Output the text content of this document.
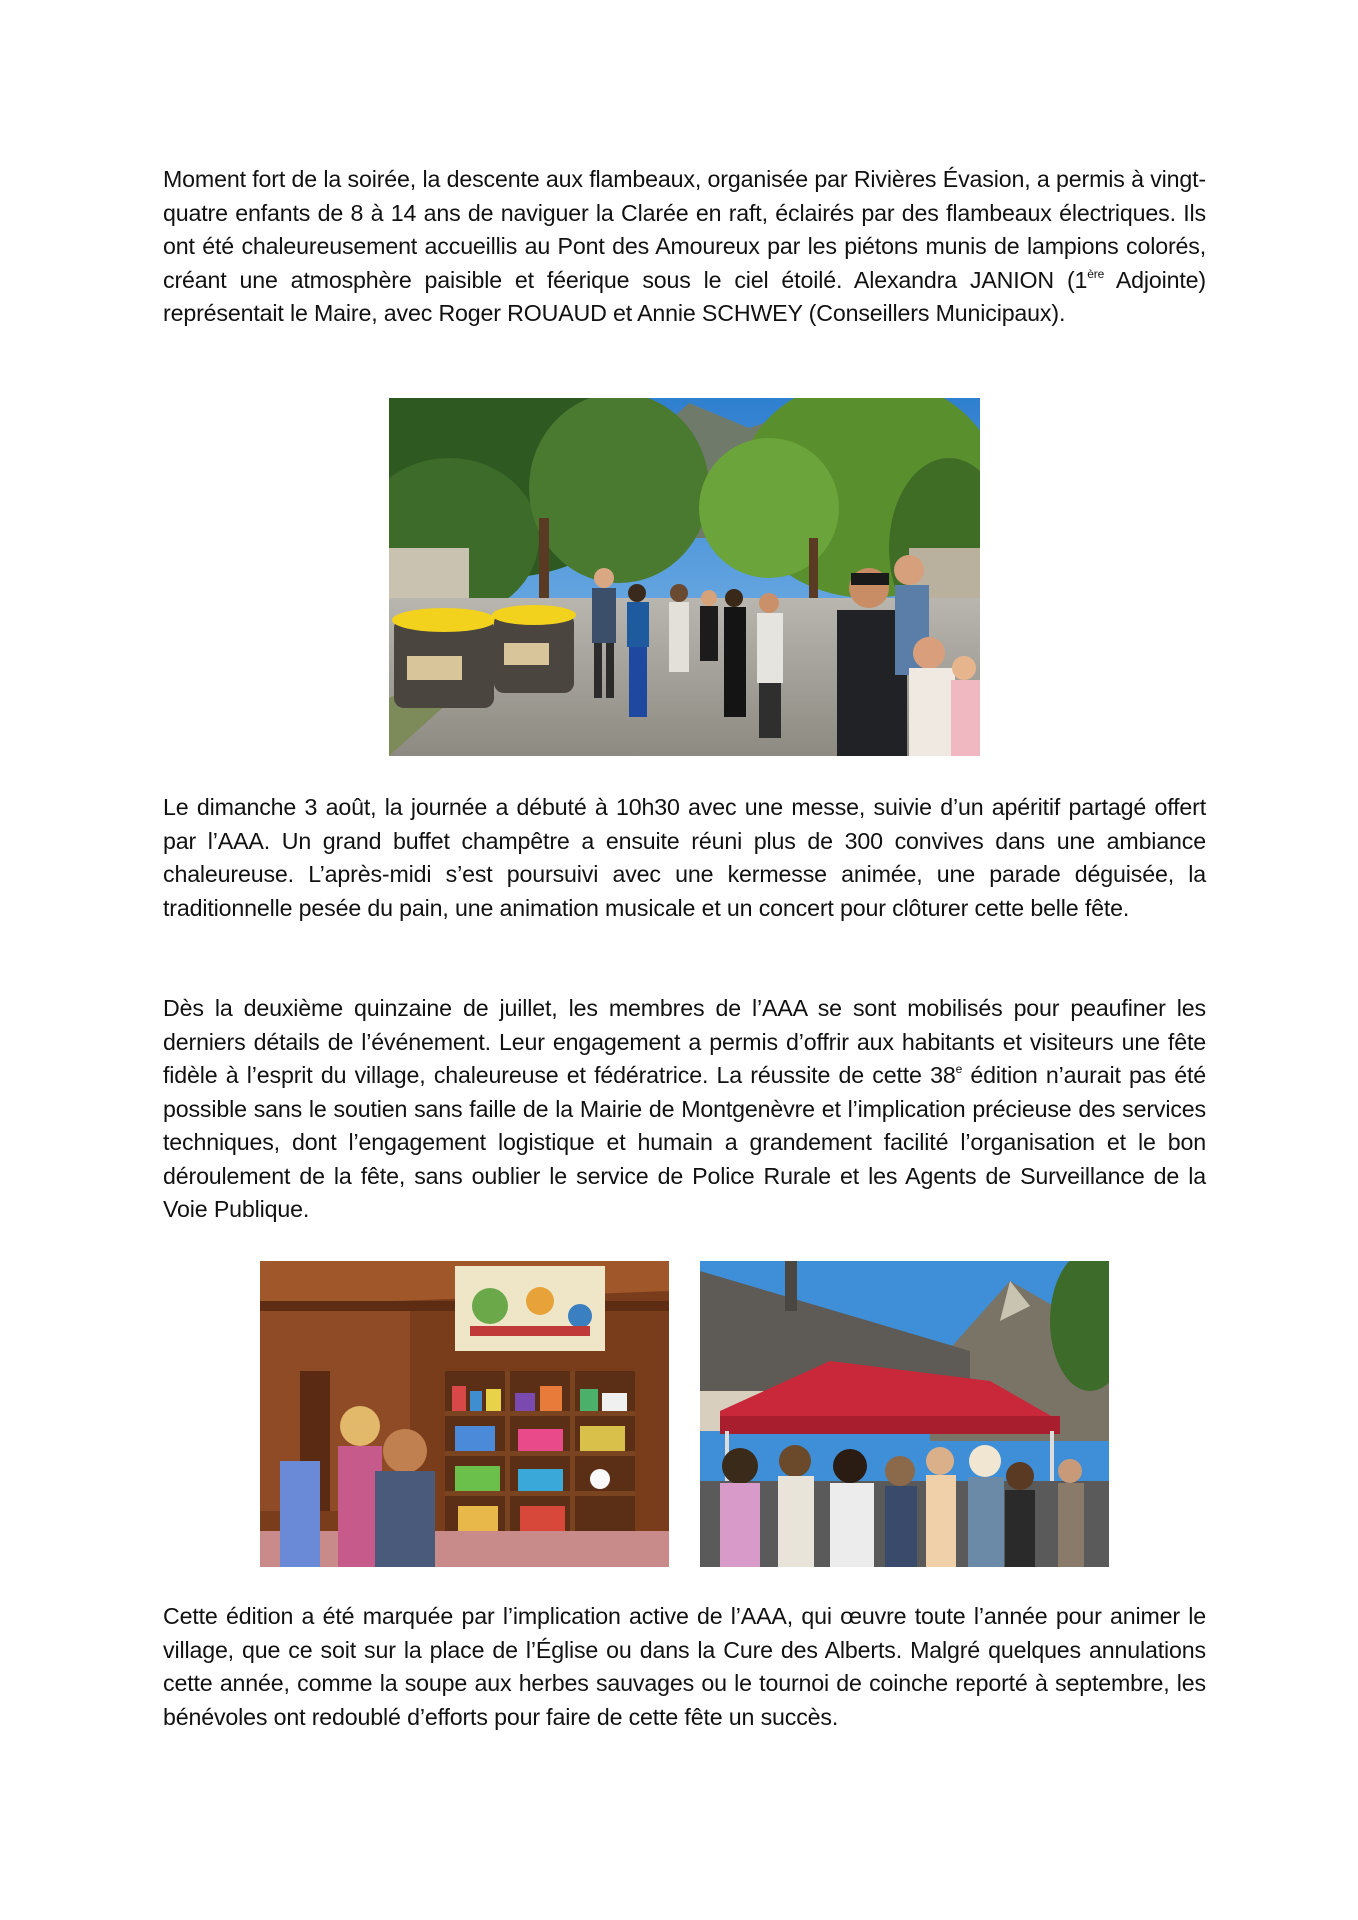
Moment fort de la soirée, la descente aux flambeaux, organisée par Rivières Évasion, a permis à vingt-quatre enfants de 8 à 14 ans de naviguer la Clarée en raft, éclairés par des flambeaux électriques. Ils ont été chaleureusement accueillis au Pont des Amoureux par les piétons munis de lampions colorés, créant une atmosphère paisible et féerique sous le ciel étoilé. Alexandra JANION (1ère Adjointe) représentait le Maire, avec Roger ROUAUD et Annie SCHWEY (Conseillers Municipaux).

Le dimanche 3 août, la journée a débuté à 10h30 avec une messe, suivie d’un apéritif partagé offert par l’AAA. Un grand buffet champêtre a ensuite réuni plus de 300 convives dans une ambiance chaleureuse. L’après-midi s’est poursuivi avec une kermesse animée, une parade déguisée, la traditionnelle pesée du pain, une animation musicale et un concert pour clôturer cette belle fête.

Dès la deuxième quinzaine de juillet, les membres de l’AAA se sont mobilisés pour peaufiner les derniers détails de l’événement. Leur engagement a permis d’offrir aux habitants et visiteurs une fête fidèle à l’esprit du village, chaleureuse et fédératrice. La réussite de cette 38e édition n’aurait pas été possible sans le soutien sans faille de la Mairie de Montgenèvre et l’implication précieuse des services techniques, dont l’engagement logistique et humain a grandement facilité l’organisation et le bon déroulement de la fête, sans oublier le service de Police Rurale et les Agents de Surveillance de la Voie Publique.

Cette édition a été marquée par l’implication active de l’AAA, qui œuvre toute l’année pour animer le village, que ce soit sur la place de l’Église ou dans la Cure des Alberts. Malgré quelques annulations cette année, comme la soupe aux herbes sauvages ou le tournoi de coinche reporté à septembre, les bénévoles ont redoublé d’efforts pour faire de cette fête un succès.
